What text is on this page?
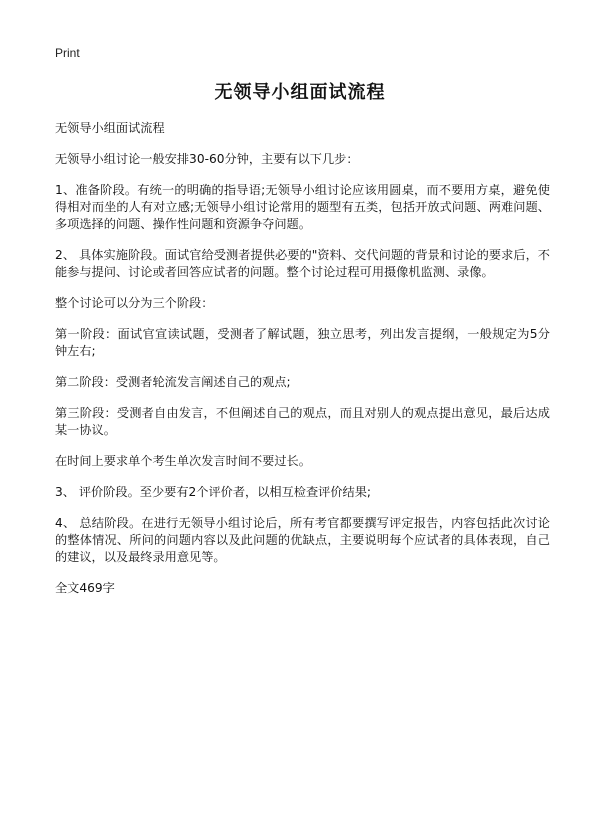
Print
无领导小组面试流程

无领导小组面试流程

无领导小组讨论一般安排30-60分钟，主要有以下几步：

1、准备阶段。有统一的明确的指导语;无领导小组讨论应该用圆桌，而不要用方桌，避免使得相对而坐的人有对立感;无领导小组讨论常用的题型有五类，包括开放式问题、两难问题、多项选择的问题、操作性问题和资源争夺问题。

2、 具体实施阶段。面试官给受测者提供必要的"资料、交代问题的背景和讨论的要求后，不能参与提问、讨论或者回答应试者的问题。整个讨论过程可用摄像机监测、录像。

整个讨论可以分为三个阶段：

第一阶段：面试官宣读试题，受测者了解试题，独立思考，列出发言提纲，一般规定为5分钟左右;

第二阶段：受测者轮流发言阐述自己的观点;

第三阶段：受测者自由发言，不但阐述自己的观点，而且对别人的观点提出意见，最后达成某一协议。

在时间上要求单个考生单次发言时间不要过长。

3、 评价阶段。至少要有2个评价者，以相互检查评价结果;

4、 总结阶段。在进行无领导小组讨论后，所有考官都要撰写评定报告，内容包括此次讨论的整体情况、所问的问题内容以及此问题的优缺点，主要说明每个应试者的具体表现，自己的建议，以及最终录用意见等。

全文469字
